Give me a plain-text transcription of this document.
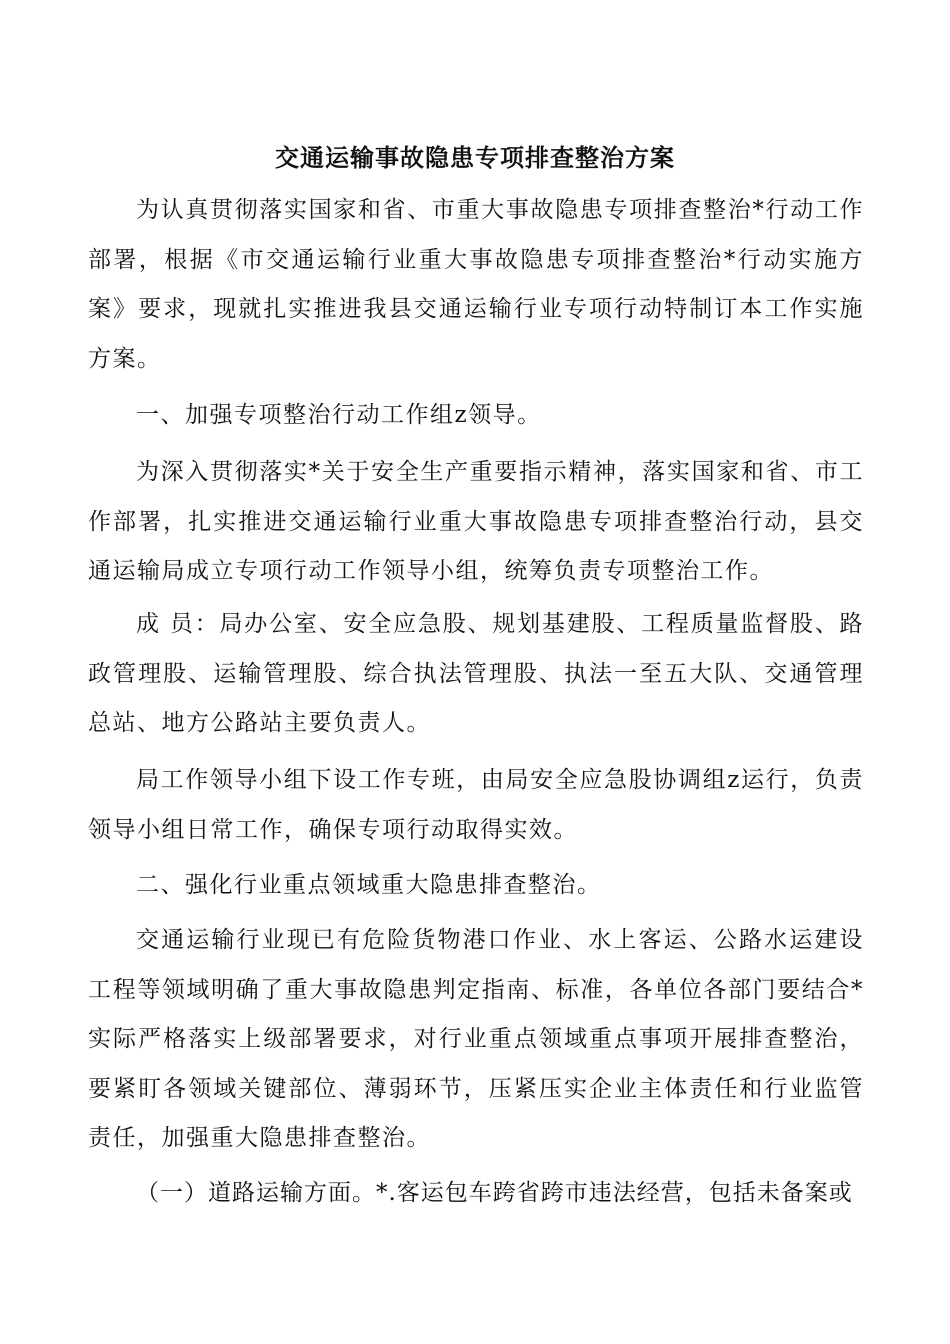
交通运输事故隐患专项排查整治方案

为认真贯彻落实国家和省、市重大事故隐患专项排查整治*行动工作部署，根据《市交通运输行业重大事故隐患专项排查整治*行动实施方案》要求，现就扎实推进我县交通运输行业专项行动特制订本工作实施方案。

一、加强专项整治行动工作组z领导。

为深入贯彻落实*关于安全生产重要指示精神，落实国家和省、市工作部署，扎实推进交通运输行业重大事故隐患专项排查整治行动，县交通运输局成立专项行动工作领导小组，统筹负责专项整治工作。

成 员：局办公室、安全应急股、规划基建股、工程质量监督股、路政管理股、运输管理股、综合执法管理股、执法一至五大队、交通管理总站、地方公路站主要负责人。

局工作领导小组下设工作专班，由局安全应急股协调组z运行，负责领导小组日常工作，确保专项行动取得实效。

二、强化行业重点领域重大隐患排查整治。

交通运输行业现已有危险货物港口作业、水上客运、公路水运建设工程等领域明确了重大事故隐患判定指南、标准，各单位各部门要结合*实际严格落实上级部署要求，对行业重点领域重点事项开展排查整治，要紧盯各领域关键部位、薄弱环节，压紧压实企业主体责任和行业监管责任，加强重大隐患排查整治。

（一）道路运输方面。*.客运包车跨省跨市违法经营，包括未备案或
